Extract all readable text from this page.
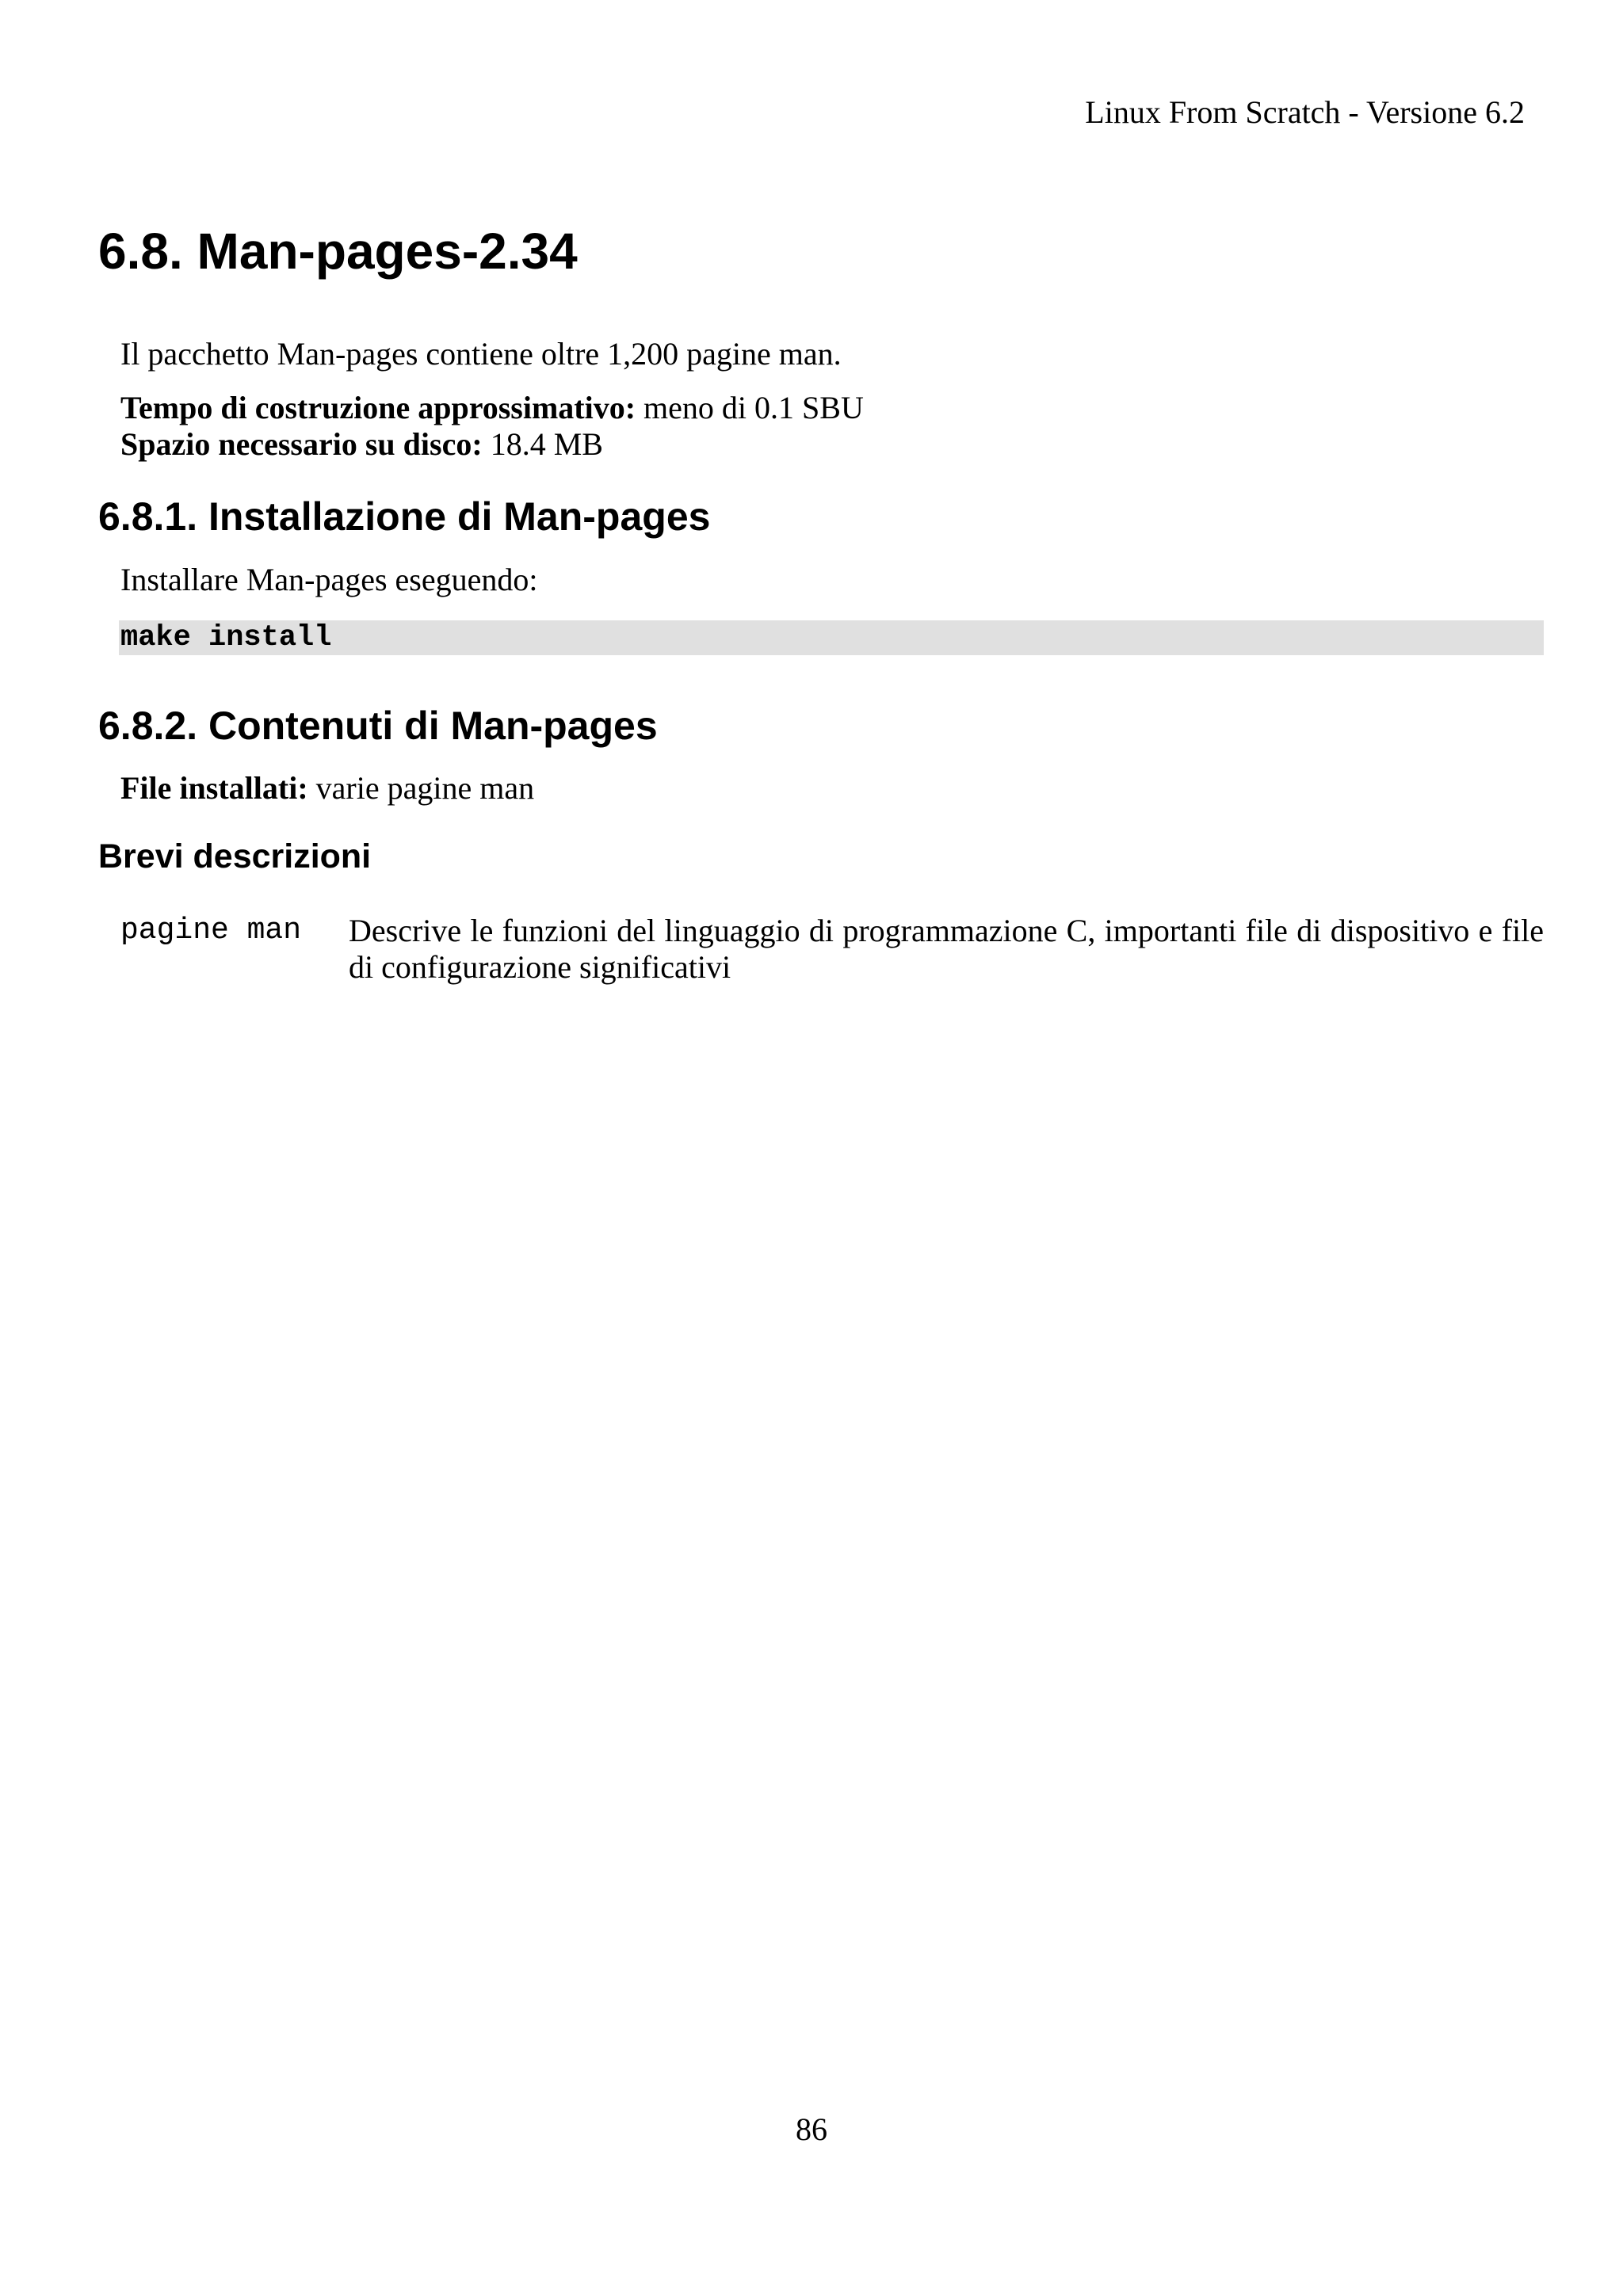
Linux From Scratch - Versione 6.2
6.8. Man-pages-2.34

Il pacchetto Man-pages contiene oltre 1,200 pagine man.

Tempo di costruzione approssimativo: meno di 0.1 SBU

Spazio necessario su disco: 18.4 MB

6.8.1. Installazione di Man-pages

Installare Man-pages eseguendo:

make install
6.8.2. Contenuti di Man-pages

File installati: varie pagine man

Brevi descrizioni
pagine man Descrive le funzioni del linguaggio di programmazione C, importanti file di dispositivo e file di configurazione significativi
86
